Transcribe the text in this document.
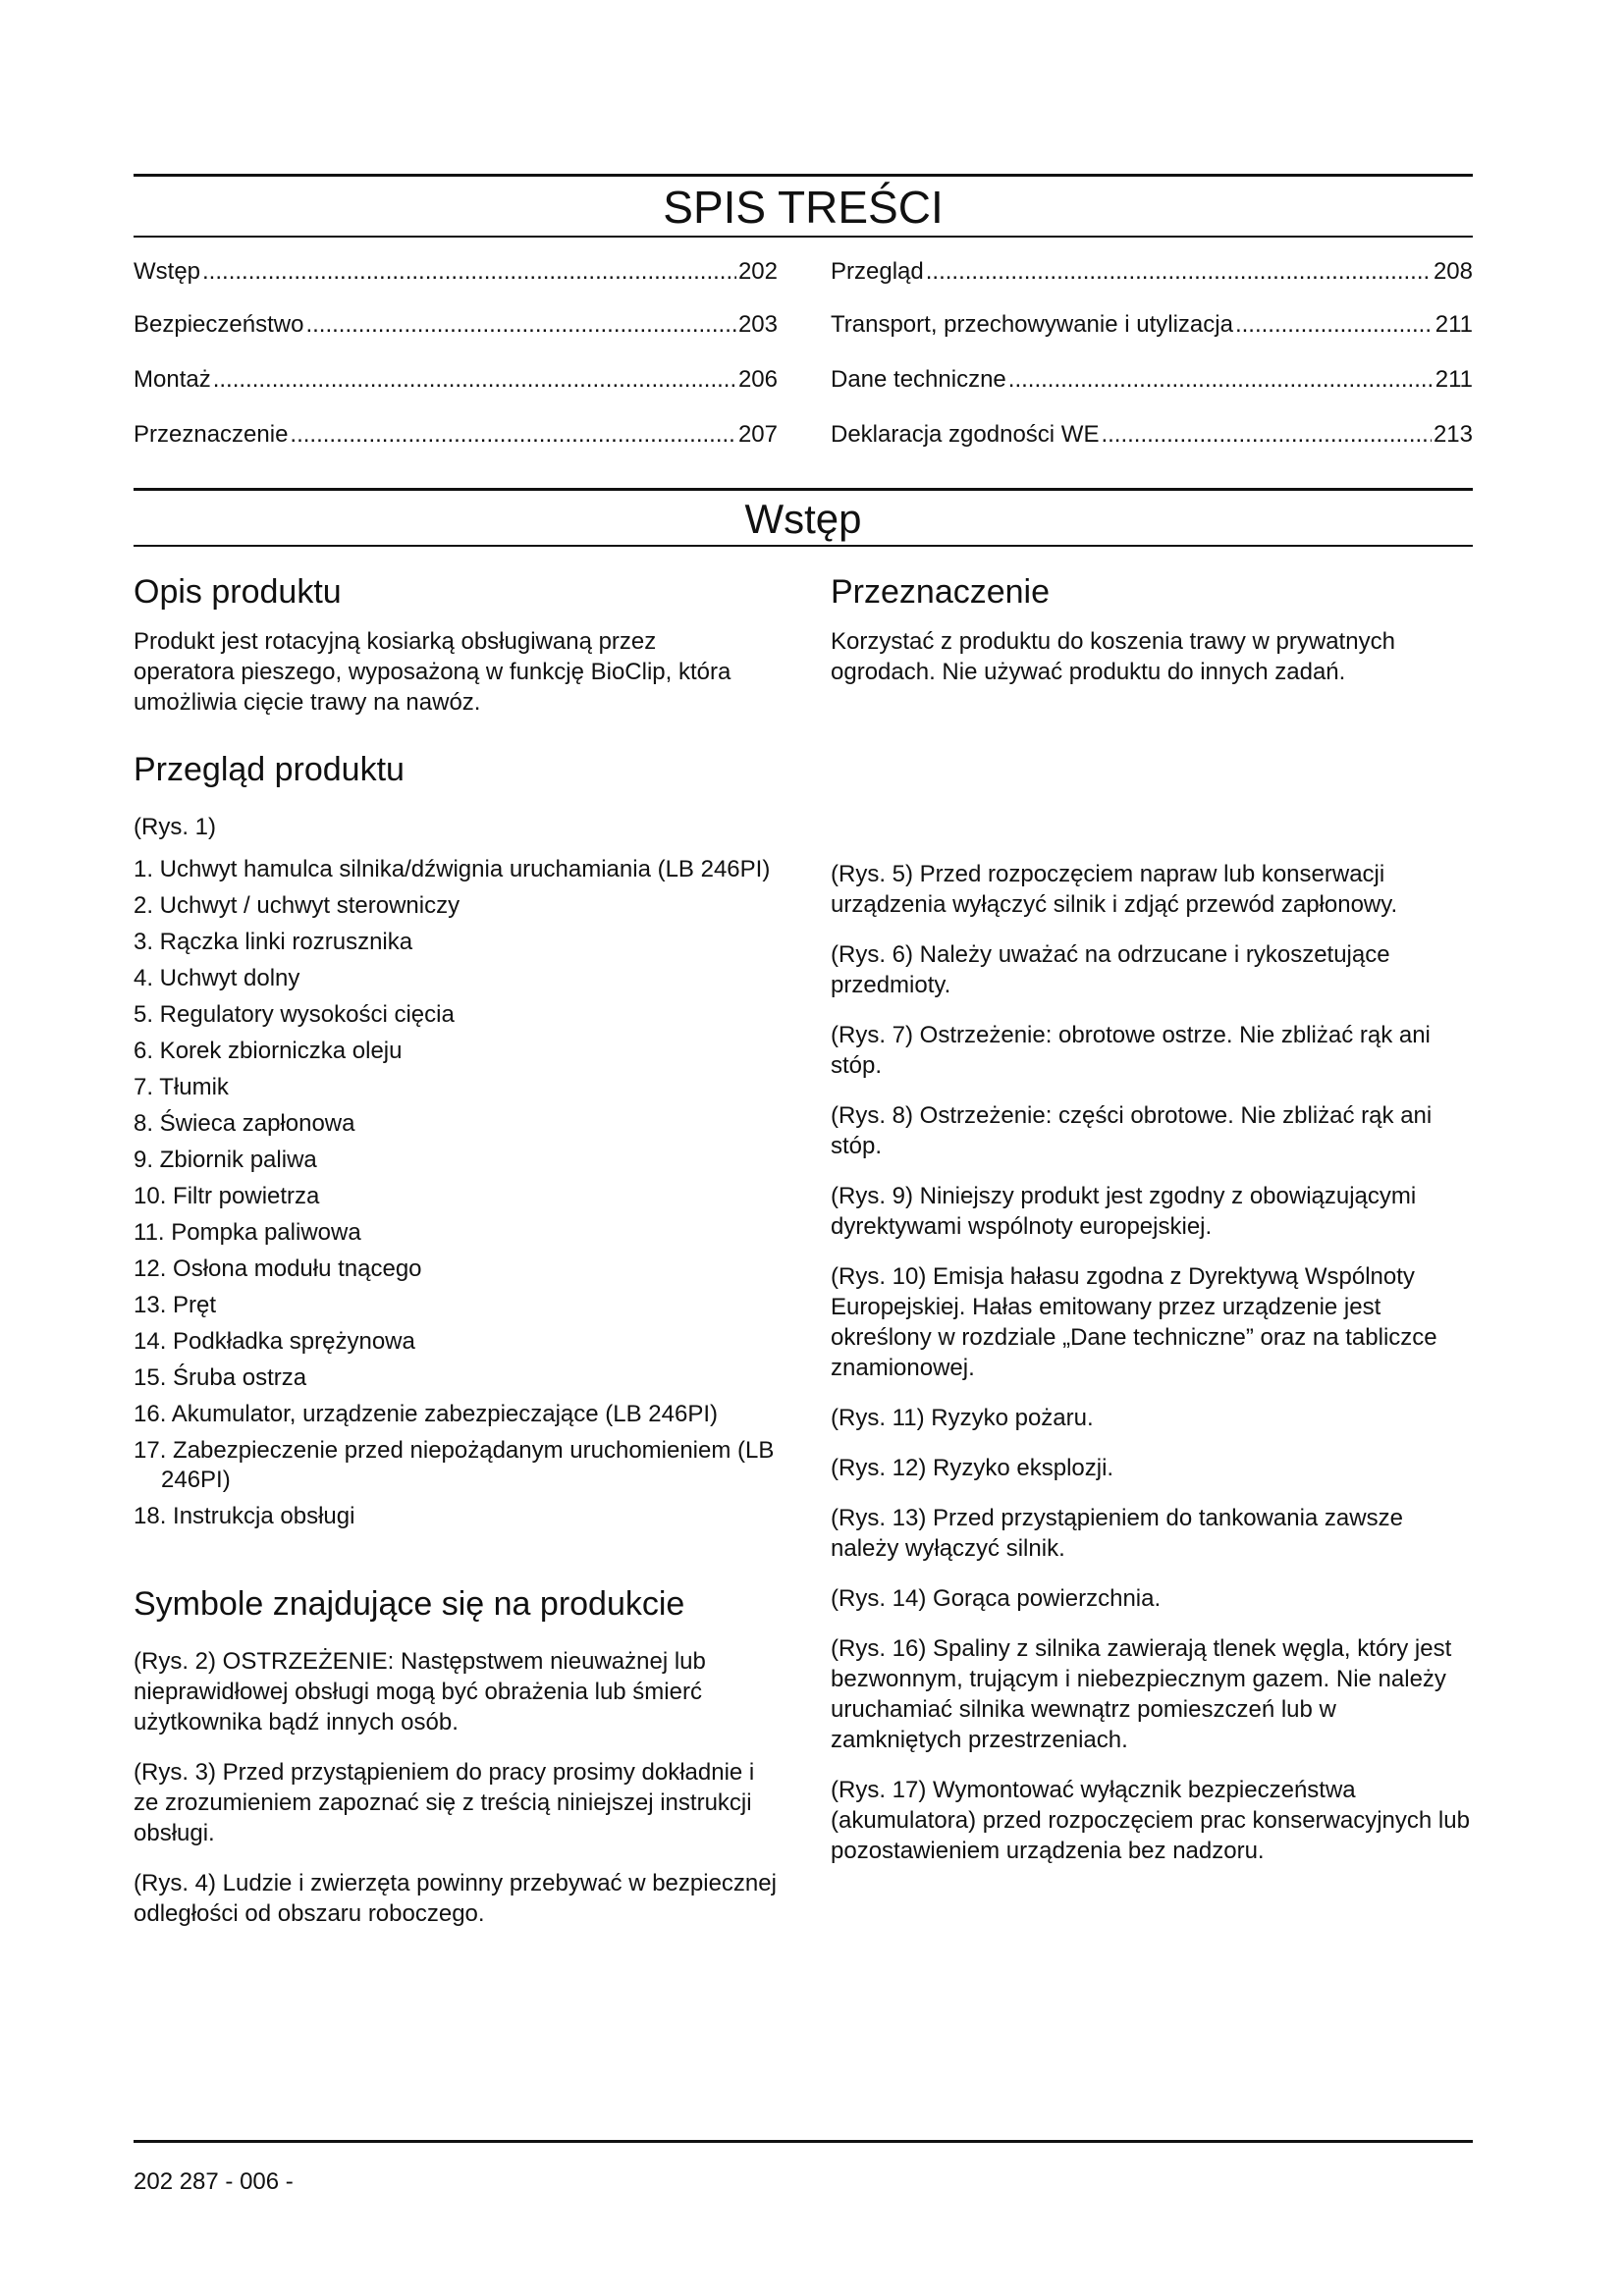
SPIS TREŚCI
Wstęp .....	202
Bezpieczeństwo .....	203
Montaż .....	206
Przeznaczenie .....	207
Przegląd .....	208
Transport, przechowywanie i utylizacja .....	211
Dane techniczne .....	211
Deklaracja zgodności WE .....	213
Wstęp
Opis produktu
Produkt jest rotacyjną kosiarką obsługiwaną przez operatora pieszego, wyposażoną w funkcję BioClip, która umożliwia cięcie trawy na nawóz.
Przeznaczenie
Korzystać z produktu do koszenia trawy w prywatnych ogrodach. Nie używać produktu do innych zadań.
Przegląd produktu
(Rys. 1)
1. Uchwyt hamulca silnika/dźwignia uruchamiania (LB 246PI)
2. Uchwyt / uchwyt sterowniczy
3. Rączka linki rozrusznika
4. Uchwyt dolny
5. Regulatory wysokości cięcia
6. Korek zbiorniczka oleju
7. Tłumik
8. Świeca zapłonowa
9. Zbiornik paliwa
10. Filtr powietrza
11. Pompka paliwowa
12. Osłona modułu tnącego
13. Pręt
14. Podkładka sprężynowa
15. Śruba ostrza
16. Akumulator, urządzenie zabezpieczające (LB 246PI)
17. Zabezpieczenie przed niepożądanym uruchomieniem (LB 246PI)
18. Instrukcja obsługi
Symbole znajdujące się na produkcie
(Rys. 2) OSTRZEŻENIE: Następstwem nieuważnej lub nieprawidłowej obsługi mogą być obrażenia lub śmierć użytkownika bądź innych osób.
(Rys. 3) Przed przystąpieniem do pracy prosimy dokładnie i ze zrozumieniem zapoznać się z treścią niniejszej instrukcji obsługi.
(Rys. 4) Ludzie i zwierzęta powinny przebywać w bezpiecznej odległości od obszaru roboczego.
(Rys. 5) Przed rozpoczęciem napraw lub konserwacji urządzenia wyłączyć silnik i zdjąć przewód zapłonowy.
(Rys. 6) Należy uważać na odrzucane i rykoszetujące przedmioty.
(Rys. 7) Ostrzeżenie: obrotowe ostrze. Nie zbliżać rąk ani stóp.
(Rys. 8) Ostrzeżenie: części obrotowe. Nie zbliżać rąk ani stóp.
(Rys. 9) Niniejszy produkt jest zgodny z obowiązującymi dyrektywami wspólnoty europejskiej.
(Rys. 10) Emisja hałasu zgodna z Dyrektywą Wspólnoty Europejskiej. Hałas emitowany przez urządzenie jest określony w rozdziale „Dane techniczne” oraz na tabliczce znamionowej.
(Rys. 11) Ryzyko pożaru.
(Rys. 12) Ryzyko eksplozji.
(Rys. 13) Przed przystąpieniem do tankowania zawsze należy wyłączyć silnik.
(Rys. 14) Gorąca powierzchnia.
(Rys. 16) Spaliny z silnika zawierają tlenek węgla, który jest bezwonnym, trującym i niebezpiecznym gazem. Nie należy uruchamiać silnika wewnątrz pomieszczeń lub w zamkniętych przestrzeniach.
(Rys. 17) Wymontować wyłącznik bezpieczeństwa (akumulatora) przed rozpoczęciem prac konserwacyjnych lub pozostawieniem urządzenia bez nadzoru.
202 287 - 006 -
